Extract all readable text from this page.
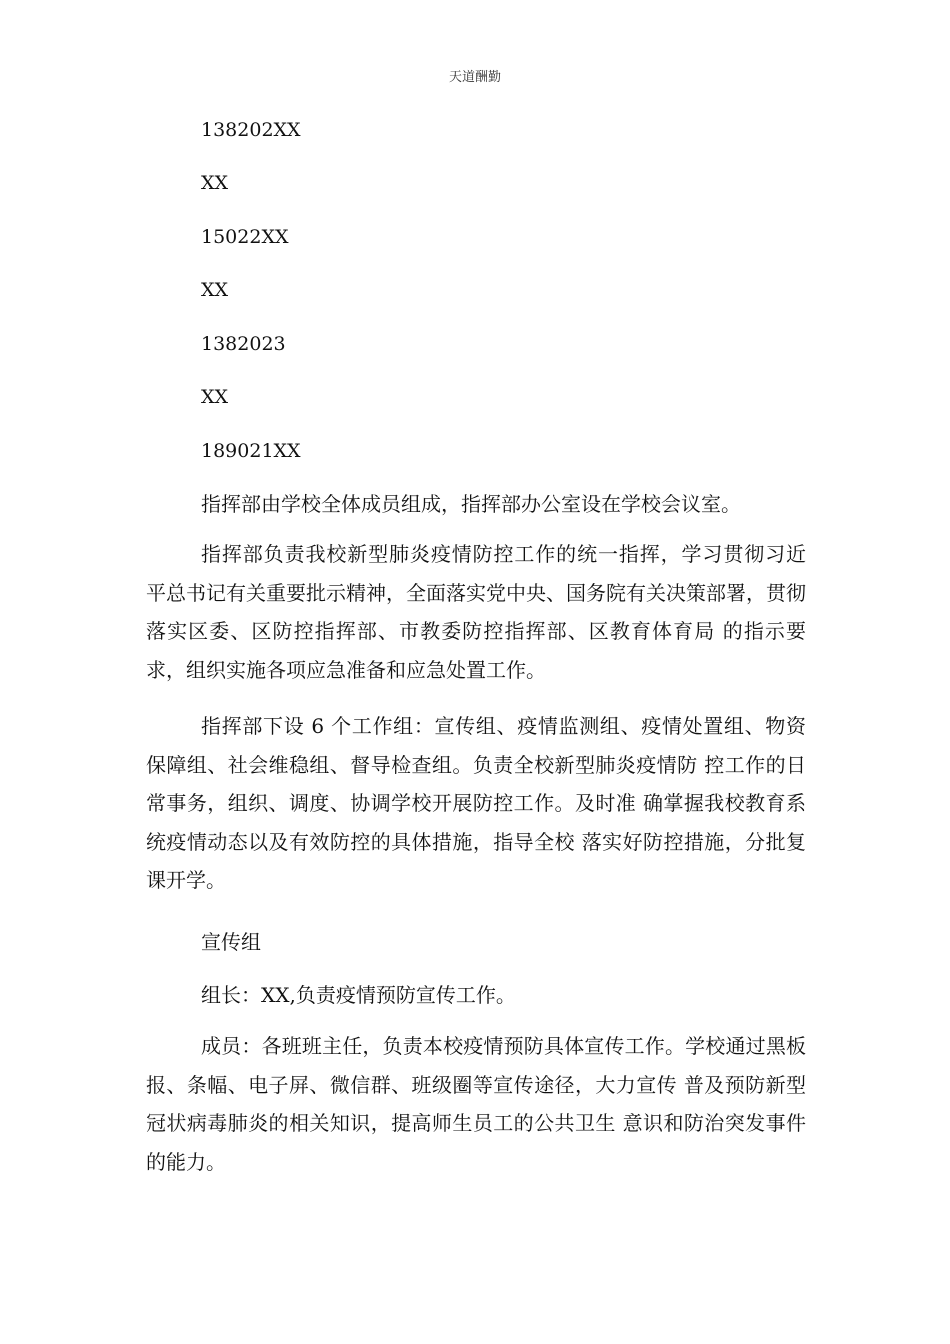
天道酬勤
138202XX
XX
15022XX
XX
1382023
XX
189021XX
指挥部由学校全体成员组成，指挥部办公室设在学校会议室。
指挥部负责我校新型肺炎疫情防控工作的统一指挥，学习贯彻习近 平总书记有关重要批示精神，全面落实党中央、国务院有关决策部署，贯彻落实区委、区防控指挥部、市教委防控指挥部、区教育体育局 的指示要求，组织实施各项应急准备和应急处置工作。
指挥部下设 6 个工作组：宣传组、疫情监测组、疫情处置组、物资保障组、社会维稳组、督导检查组。负责全校新型肺炎疫情防 控工作的日常事务，组织、调度、协调学校开展防控工作。及时准 确掌握我校教育系统疫情动态以及有效防控的具体措施，指导全校 落实好防控措施，分批复课开学。
宣传组
组长：XX,负责疫情预防宣传工作。
成员：各班班主任，负责本校疫情预防具体宣传工作。学校通过黑板报、条幅、电子屏、微信群、班级圈等宣传途径，大力宣传 普及预防新型冠状病毒肺炎的相关知识，提高师生员工的公共卫生 意识和防治突发事件的能力。
